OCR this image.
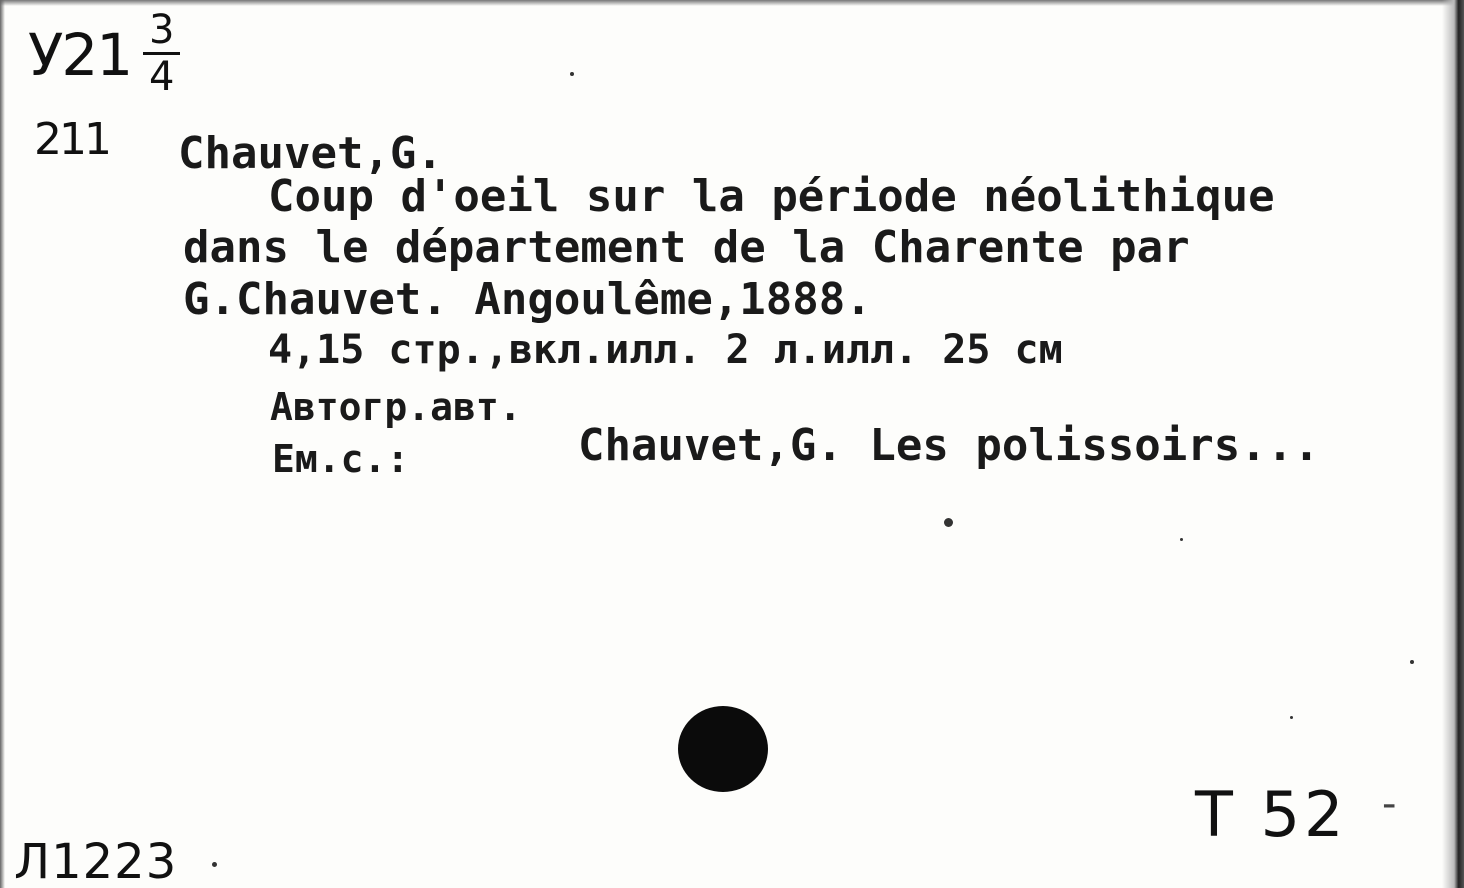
$У21 \frac{3}{4}$
211 Chauvet,G.
Coup d'oeil sur la période néolithique
dans le département de la Charente par
G.Chauvet. Angoulême,1888.
4,15 стр.,вкл.илл. 2 л.илл. 25 см
Автогр.авт.
Ем.с.:	Chauvet,G. Les polissoirs...
T 52 -
Л1223
